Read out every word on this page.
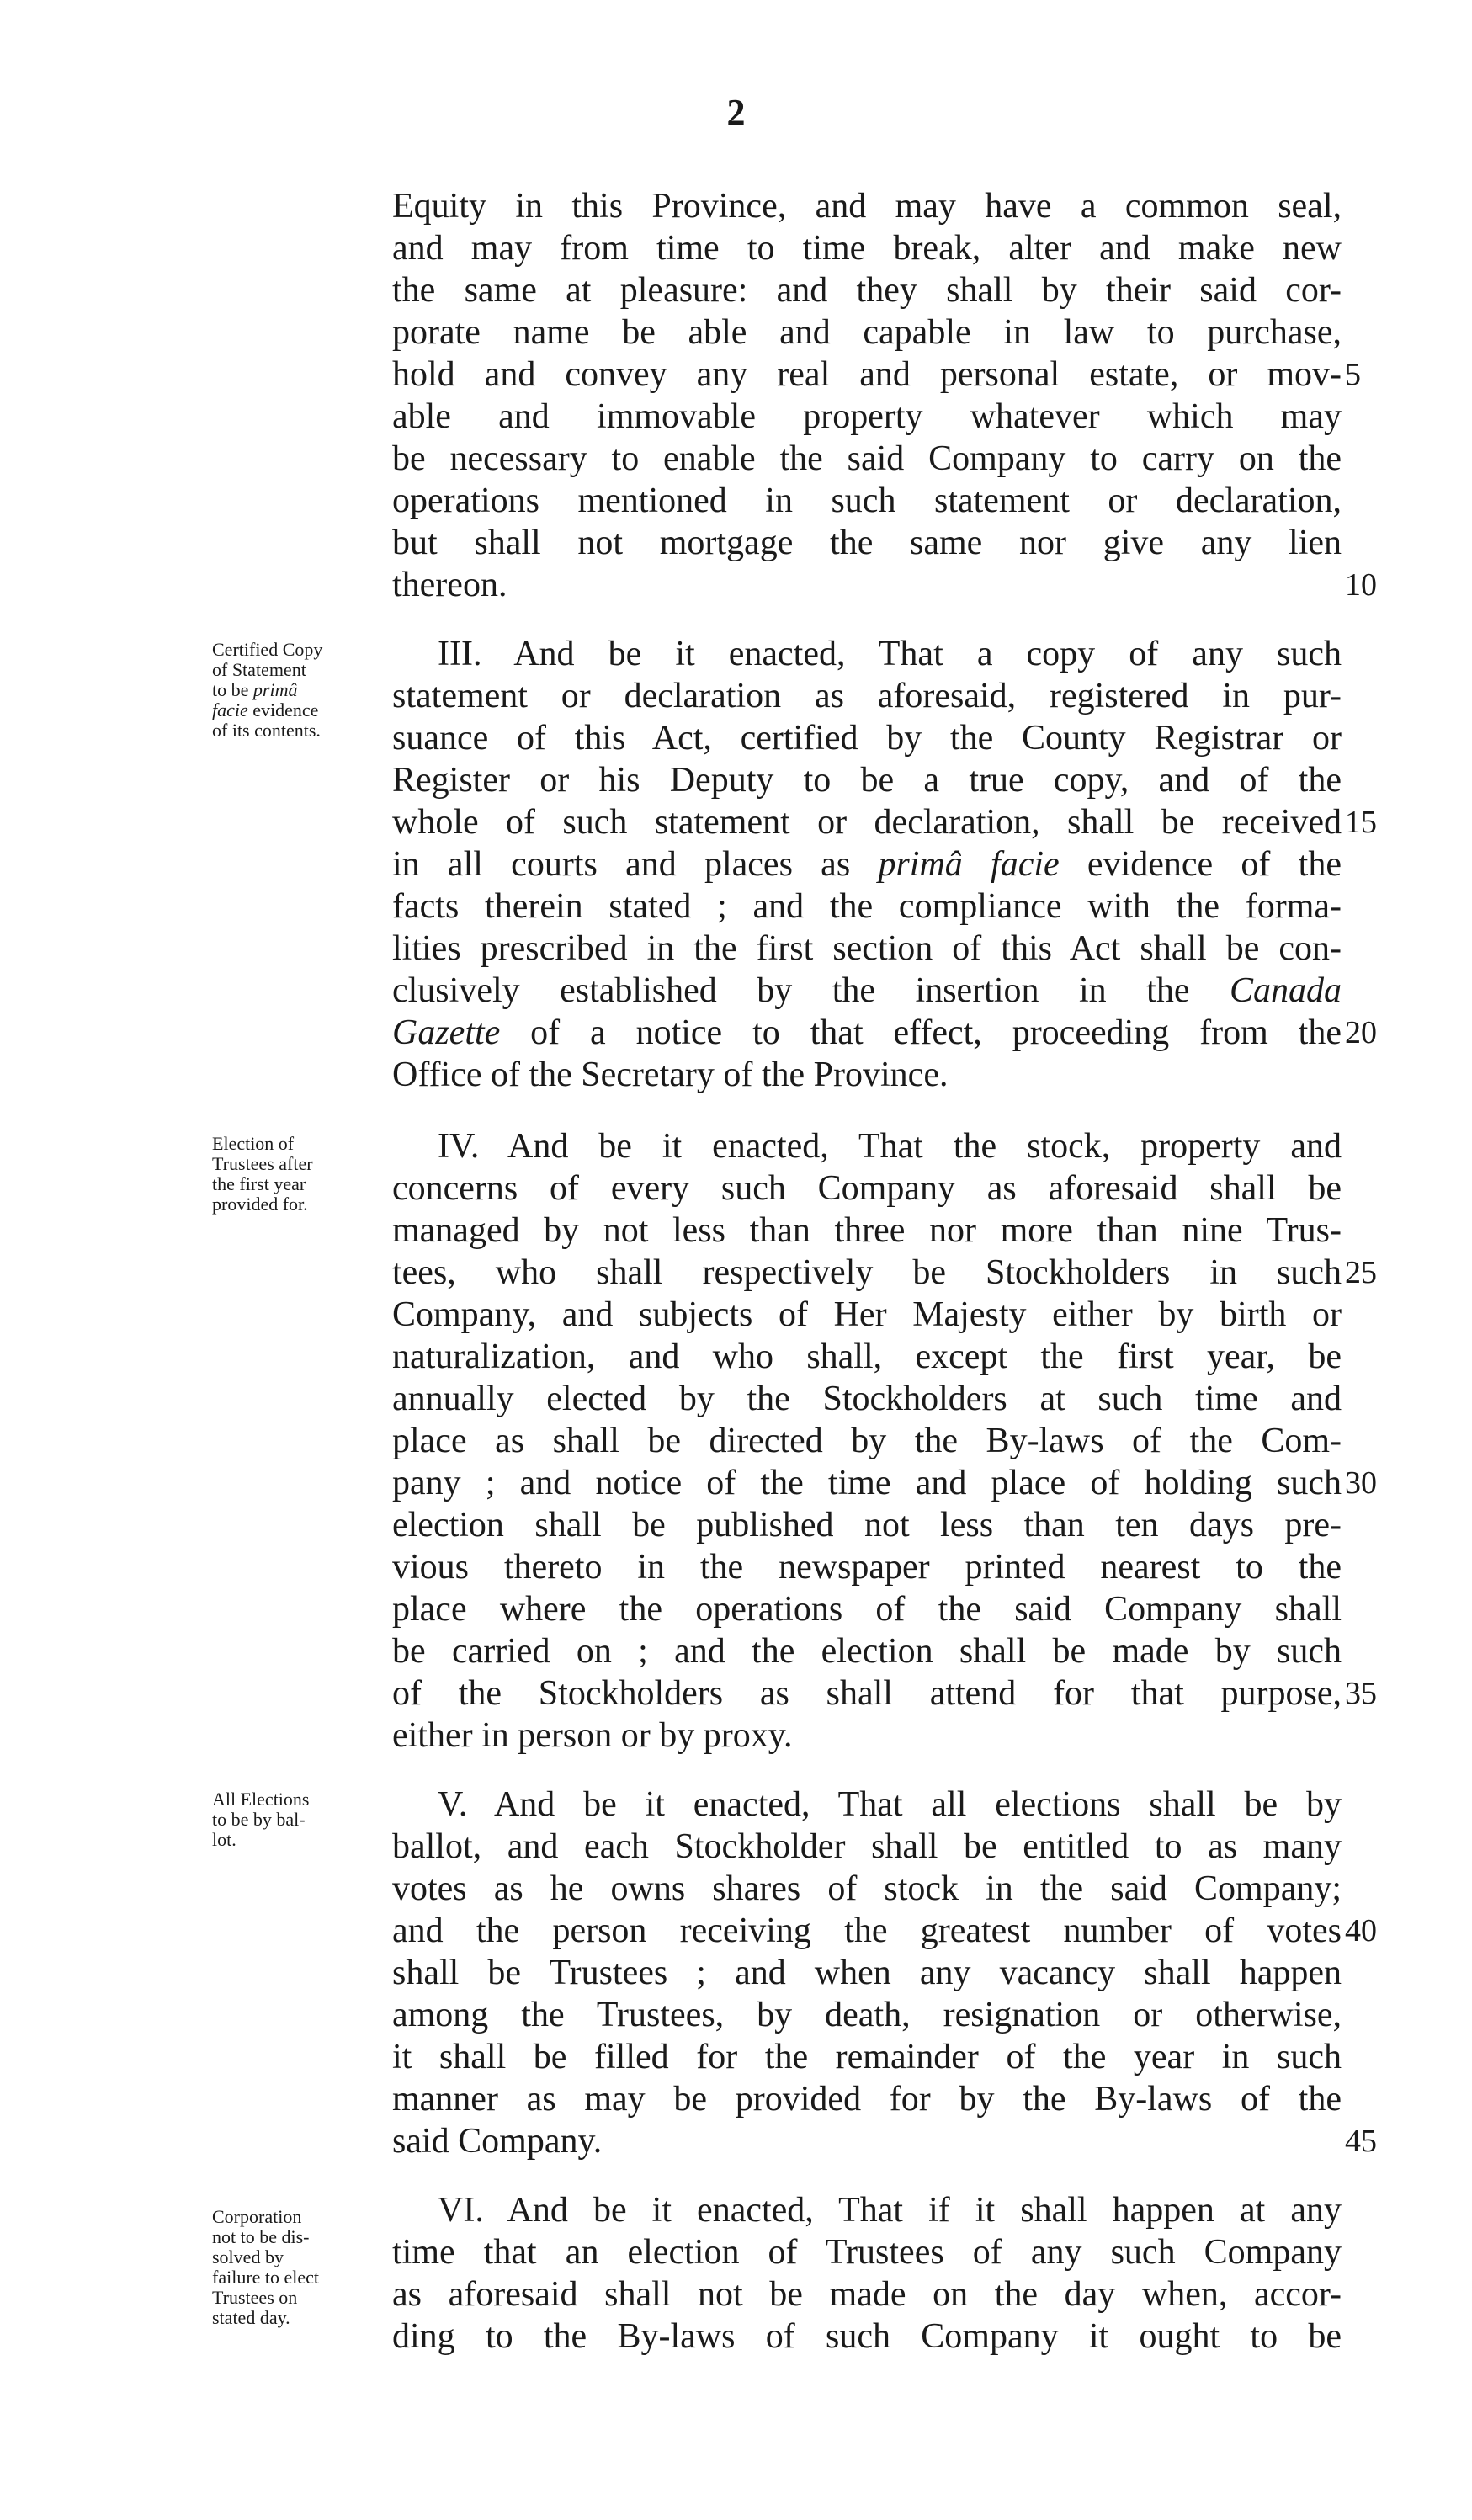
2
Equity in this Province, and may have a common seal,
and may from time to time break, alter and make new
the same at pleasure: and they shall by their said cor-
porate name be able and capable in law to purchase,
hold and convey any real and personal estate, or mov- 5
able and immovable property whatever which may
be necessary to enable the said Company to carry on the
operations mentioned in such statement or declaration,
but shall not mortgage the same nor give any lien
thereon.	10
Certified Copy
of Statement
to be primâ
facie evidence
of its contents.
III. And be it enacted, That a copy of any such
statement or declaration as aforesaid, registered in pur-
suance of this Act, certified by the County Registrar or
Register or his Deputy to be a true copy, and of the
whole of such statement or declaration, shall be received 15
in all courts and places as primâ facie evidence of the
facts therein stated ; and the compliance with the forma-
lities prescribed in the first section of this Act shall be con-
clusively established by the insertion in the Canada
Gazette of a notice to that effect, proceeding from the 20
Office of the Secretary of the Province.
Election of
Trustees after
the first year
provided for.
IV. And be it enacted, That the stock, property and
concerns of every such Company as aforesaid shall be
managed by not less than three nor more than nine Trus-
tees, who shall respectively be Stockholders in such 25
Company, and subjects of Her Majesty either by birth or
naturalization, and who shall, except the first year, be
annually elected by the Stockholders at such time and
place as shall be directed by the By-laws of the Com-
pany ; and notice of the time and place of holding such 30
election shall be published not less than ten days pre-
vious thereto in the newspaper printed nearest to the
place where the operations of the said Company shall
be carried on ; and the election shall be made by such
of the Stockholders as shall attend for that purpose, 35
either in person or by proxy.
All Elections
to be by bal-
lot.
V. And be it enacted, That all elections shall be by
ballot, and each Stockholder shall be entitled to as many
votes as he owns shares of stock in the said Company;
and the person receiving the greatest number of votes 40
shall be Trustees ; and when any vacancy shall happen
among the Trustees, by death, resignation or otherwise,
it shall be filled for the remainder of the year in such
manner as may be provided for by the By-laws of the
said Company.	45
Corporation
not to be dis-
solved by
failure to elect
Trustees on
stated day.
VI. And be it enacted, That if it shall happen at any
time that an election of Trustees of any such Company
as aforesaid shall not be made on the day when, accor-
ding to the By-laws of such Company it ought to be
